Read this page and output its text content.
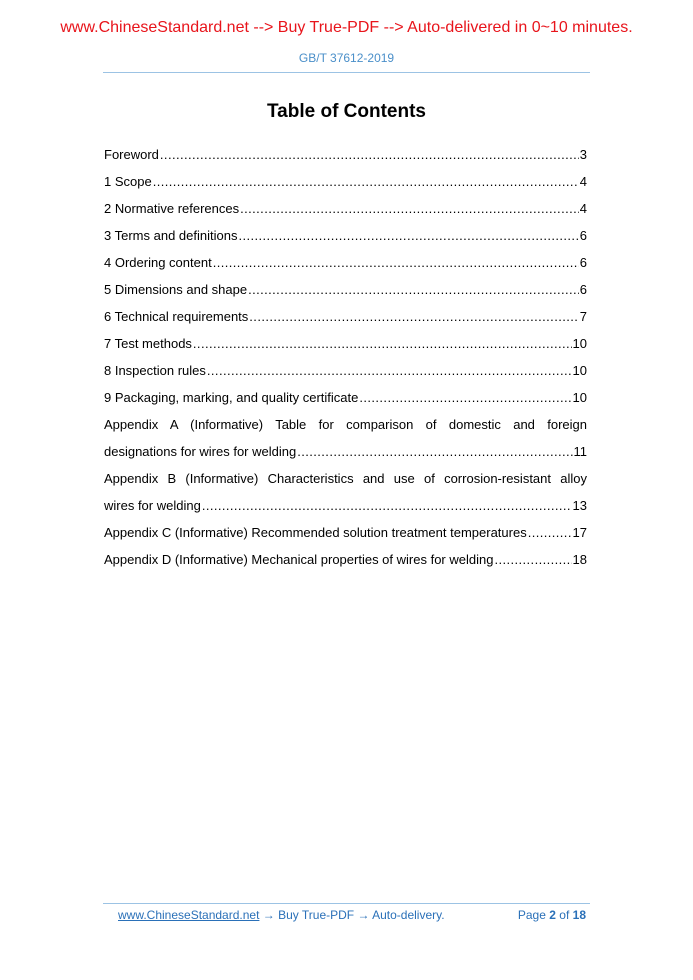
www.ChineseStandard.net --> Buy True-PDF --> Auto-delivered in 0~10 minutes.
GB/T 37612-2019
Table of Contents
Foreword .....	3
1 Scope .....	4
2 Normative references .....	4
3 Terms and definitions .....	6
4 Ordering content .....	6
5 Dimensions and shape .....	6
6 Technical requirements .....	7
7 Test methods .....	10
8 Inspection rules .....	10
9 Packaging, marking, and quality certificate .....	10
Appendix A (Informative) Table for comparison of domestic and foreign
designations for wires for welding .....	11
Appendix B (Informative) Characteristics and use of corrosion-resistant alloy
wires for welding .....	13
Appendix C (Informative) Recommended solution treatment temperatures .....	17
Appendix D (Informative) Mechanical properties of wires for welding .....	18
www.ChineseStandard.net → Buy True-PDF → Auto-delivery.	Page 2 of 18
